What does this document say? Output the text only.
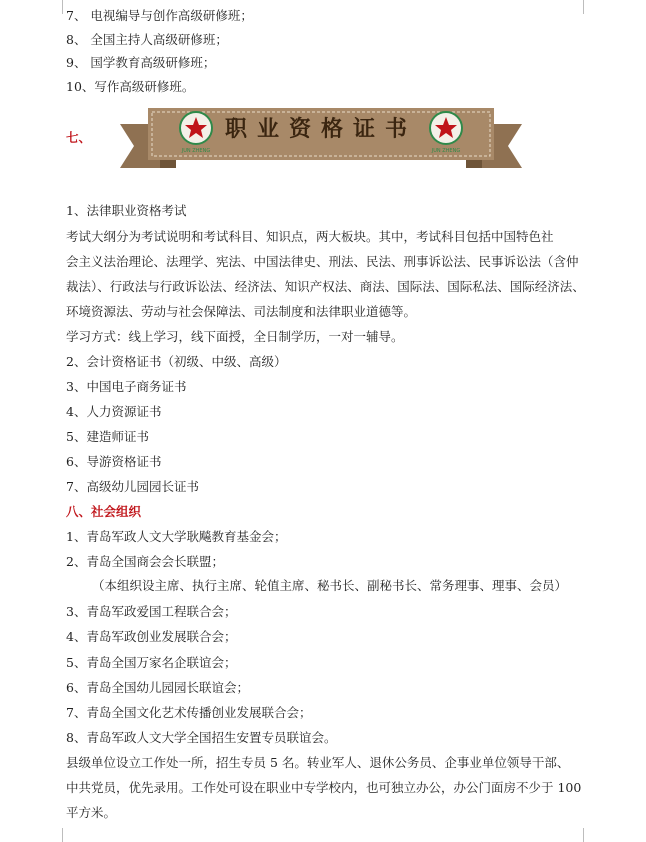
7、 电视编导与创作高级研修班；
8、 全国主持人高级研修班；
9、 国学教育高级研修班；
10、写作高级研修班。
七、	职业资格证书
JUN ZHENG	JUN ZHENG
1、法律职业资格考试
考试大纲分为考试说明和考试科目、知识点，两大板块。其中，考试科目包括中国特色社
会主义法治理论、法理学、宪法、中国法律史、刑法、民法、刑事诉讼法、民事诉讼法（含仲
裁法）、行政法与行政诉讼法、经济法、知识产权法、商法、国际法、国际私法、国际经济法、
环境资源法、劳动与社会保障法、司法制度和法律职业道德等。
学习方式：线上学习，线下面授，全日制学历，一对一辅导。
2、会计资格证书（初级、中级、高级）
3、中国电子商务证书
4、人力资源证书
5、建造师证书
6、导游资格证书
7、高级幼儿园园长证书
八、社会组织
1、青岛军政人文大学耿飚教育基金会；
2、青岛全国商会会长联盟；
（本组织设主席、执行主席、轮值主席、秘书长、副秘书长、常务理事、理事、会员）
3、青岛军政爱国工程联合会；
4、青岛军政创业发展联合会；
5、青岛全国万家名企联谊会；
6、青岛全国幼儿园园长联谊会；
7、青岛全国文化艺术传播创业发展联合会；
8、青岛军政人文大学全国招生安置专员联谊会。
县级单位设立工作处一所，招生专员 5 名。转业军人、退休公务员、企事业单位领导干部、
中共党员，优先录用。工作处可设在职业中专学校内，也可独立办公，办公门面房不少于 100
平方米。
